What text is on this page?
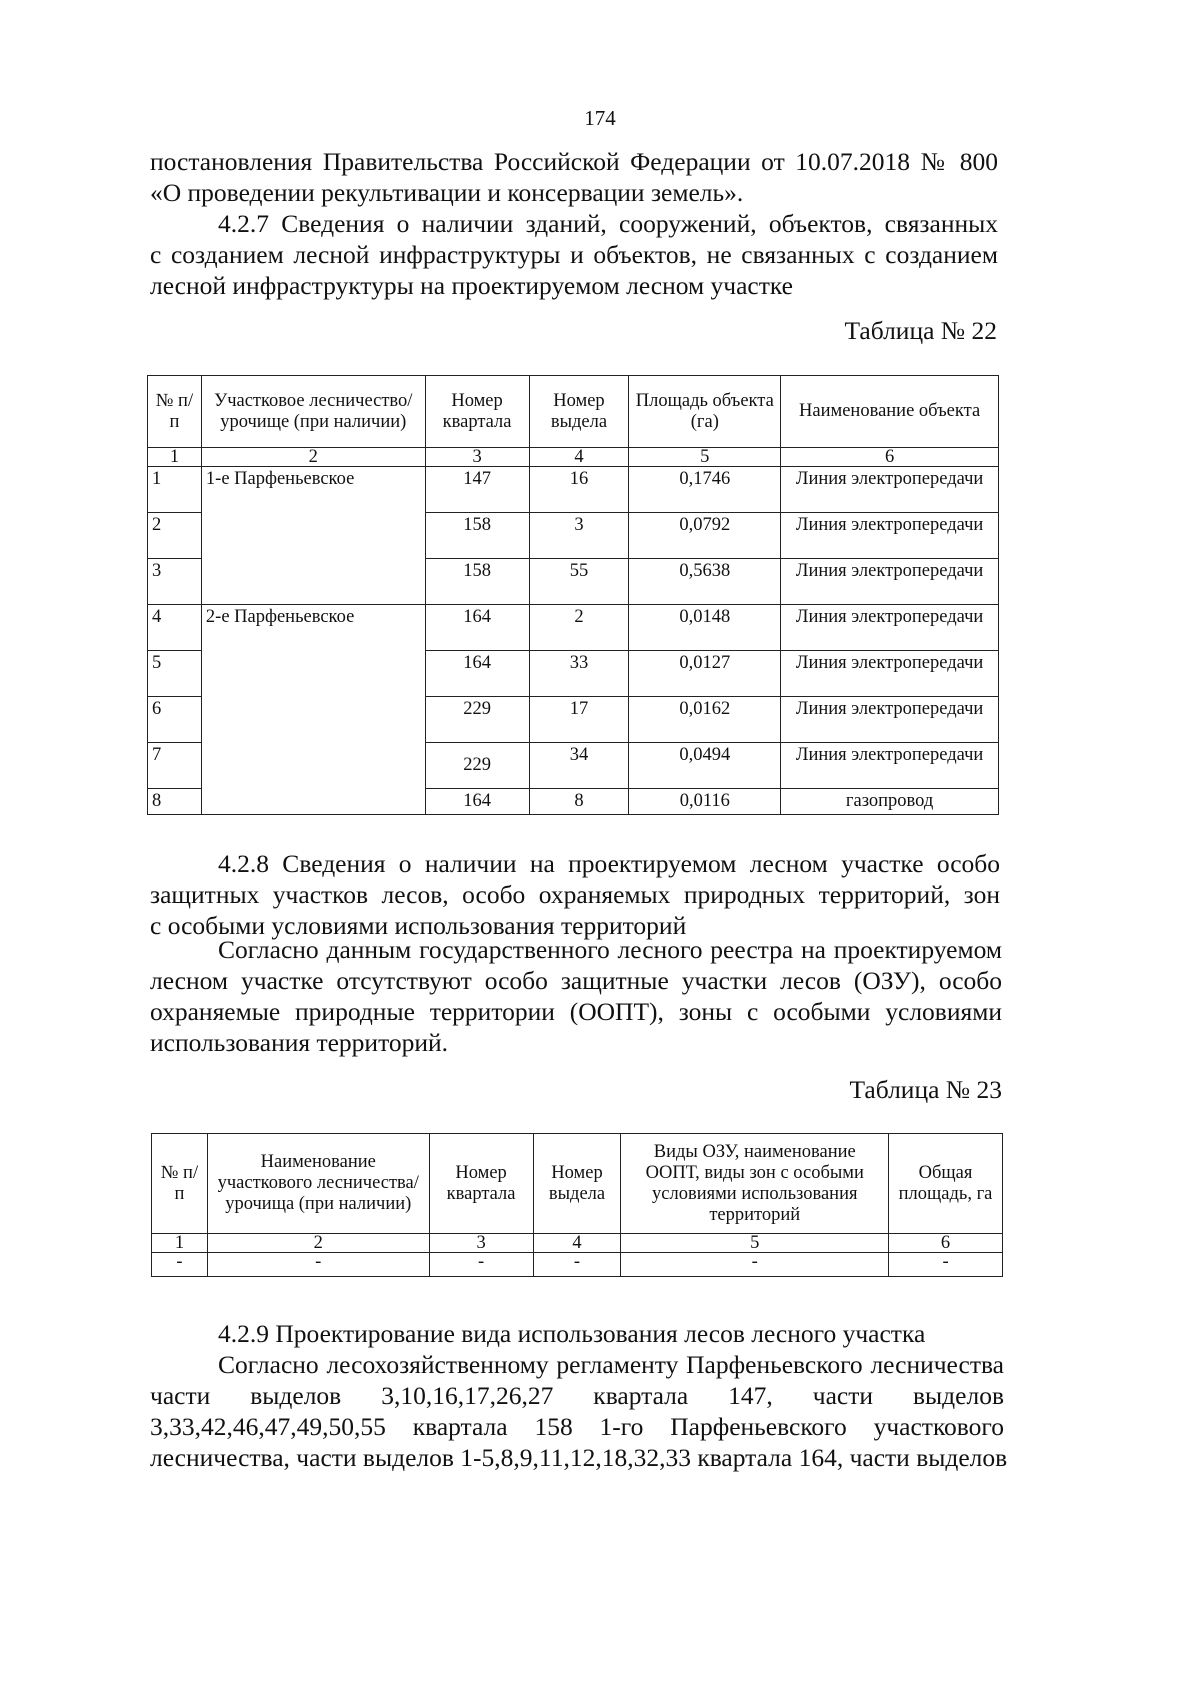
174
постановления Правительства Российской Федерации от 10.07.2018 № 800
«О проведении рекультивации и консервации земель».
4.2.7 Сведения о наличии зданий, сооружений, объектов, связанных
с созданием лесной инфраструктуры и объектов, не связанных с созданием
лесной инфраструктуры на проектируемом лесном участке
Таблица № 22
№ п/п	Участковое лесничество/урочище (при наличии)	Номер квартала	Номер выдела	Площадь объекта (га)	Наименование объекта
1	2	3	4	5	6
1	1-е Парфеньевское	147	16	0,1746	Линия электропередачи
2		158	3	0,0792	Линия электропередачи
3		158	55	0,5638	Линия электропередачи
4	2-е Парфеньевское	164	2	0,0148	Линия электропередачи
5		164	33	0,0127	Линия электропередачи
6		229	17	0,0162	Линия электропередачи
7		229	34	0,0494	Линия электропередачи
8		164	8	0,0116	газопровод
4.2.8 Сведения о наличии на проектируемом лесном участке особо
защитных участков лесов, особо охраняемых природных территорий, зон
с особыми условиями использования территорий
Согласно данным государственного лесного реестра на проектируемом
лесном участке отсутствуют особо защитные участки лесов (ОЗУ), особо
охраняемые природные территории (ООПТ), зоны с особыми условиями
использования территорий.
Таблица № 23
№ п/п	Наименование участкового лесничества/урочища (при наличии)	Номер квартала	Номер выдела	Виды ОЗУ, наименование ООПТ, виды зон с особыми условиями использования территорий	Общая площадь, га
1	2	3	4	5	6
-	-	-	-	-	-
4.2.9 Проектирование вида использования лесов лесного участка
Согласно лесохозяйственному регламенту Парфеньевского лесничества
части выделов 3,10,16,17,26,27 квартала 147, части выделов
3,33,42,46,47,49,50,55 квартала 158 1-го Парфеньевского участкового
лесничества, части выделов 1-5,8,9,11,12,18,32,33 квартала 164, части выделов
